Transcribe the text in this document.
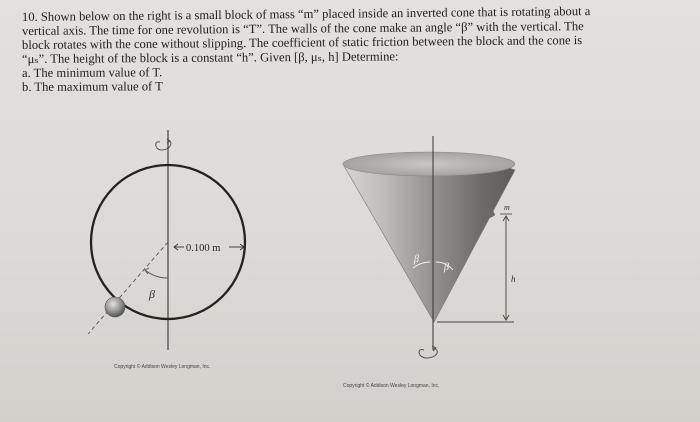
10. Shown below on the right is a small block of mass “m” placed inside an inverted cone that is rotating about a

vertical axis. The time for one revolution is “T”. The walls of the cone make an angle “β” with the vertical. The

block rotates with the cone without slipping. The coefficient of static friction between the block and the cone is

“μₛ”. The height of the block is a constant “h”. Given [β, μₛ, h] Determine:

a. The minimum value of T.

b. The maximum value of T

0.100 m
β
Copyright © Addison Wesley Longman, Inc.
m
h
β
β
Copyright © Addison Wesley Longman, Inc.
